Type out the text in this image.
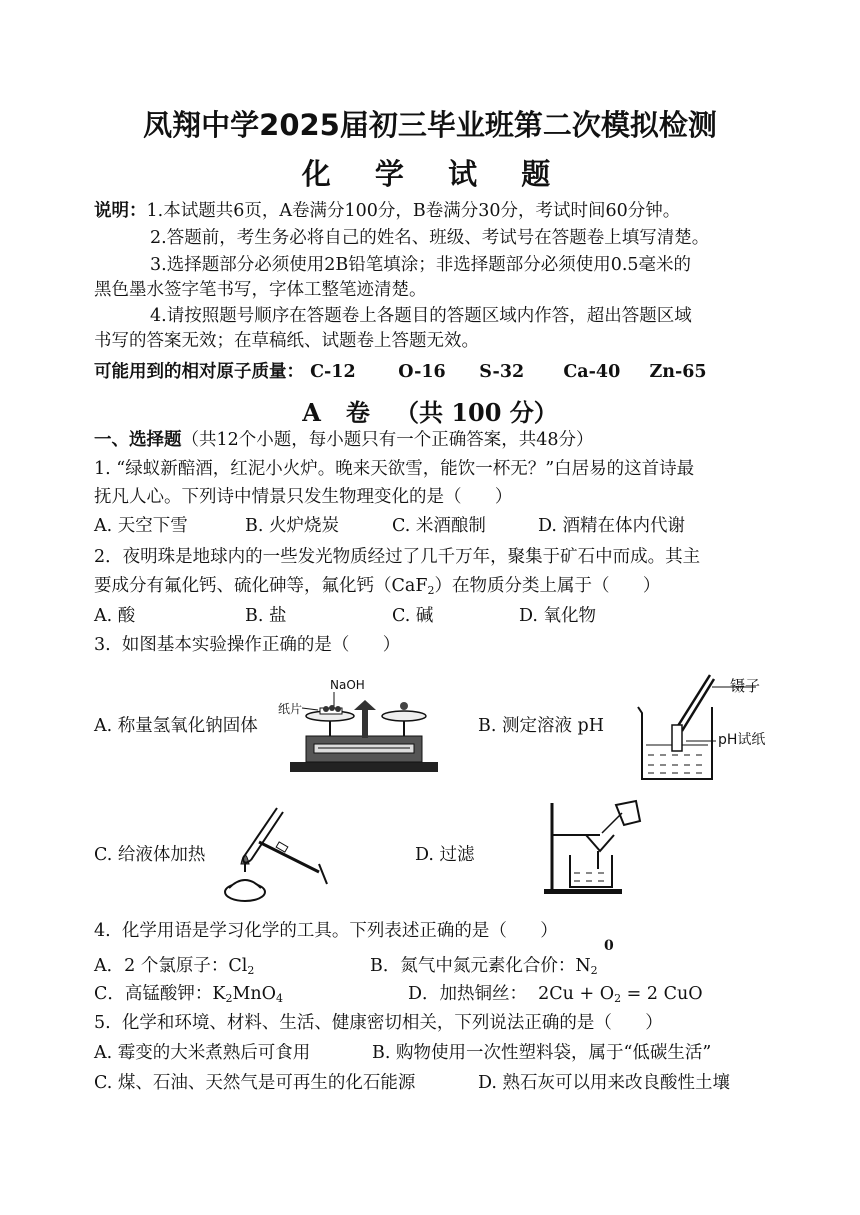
凤翔中学2025届初三毕业班第二次模拟检测
化  学  试  题
说明：1.本试题共6页，A卷满分100分，B卷满分30分，考试时间60分钟。
2.答题前，考生务必将自己的姓名、班级、考试号在答题卷上填写清楚。
3.选择题部分必须使用2B铅笔填涂；非选择题部分必须使用0.5毫米的
黑色墨水签字笔书写，字体工整笔迹清楚。
4.请按照题号顺序在答题卷上各题目的答题区域内作答，超出答题区域
书写的答案无效；在草稿纸、试题卷上答题无效。
可能用到的相对原子质量： C-12 O-16 S-32 Ca-40 Zn-65
A   卷   （共 100 分）
一、选择题（共12个小题，每小题只有一个正确答案，共48分）
1. “绿蚁新醅酒，红泥小火炉。晚来天欲雪，能饮一杯无？”白居易的这首诗最
抚凡人心。下列诗中情景只发生物理变化的是（      ）
A. 天空下雪	B. 火炉烧炭	C. 米酒酿制	D. 酒精在体内代谢
2．夜明珠是地球内的一些发光物质经过了几千万年，聚集于矿石中而成。其主
要成分有氟化钙、硫化砷等，氟化钙（CaF$_2$）在物质分类上属于（      ）
A. 酸	B. 盐	C. 碱	D. 氧化物
3.  如图基本实验操作正确的是（      ）
A. 称量氢氧化钠固体	B. 测定溶液 pH
C. 给液体加热	D. 过滤
NaOH
纸片
镊子
pH试纸
4.  化学用语是学习化学的工具。下列表述正确的是（      ）
A．2 个氯原子：$Cl_2$	B．氮气中氮元素化合价：$N_2$
0
C．高锰酸钾：$K_2MnO_4$	D．加热铜丝：  $2Cu + O_2 = 2$ CuO
5.  化学和环境、材料、生活、健康密切相关，下列说法正确的是（      ）
A. 霉变的大米煮熟后可食用	B. 购物使用一次性塑料袋，属于“低碳生活”
C. 煤、石油、天然气是可再生的化石能源	D. 熟石灰可以用来改良酸性土壤
